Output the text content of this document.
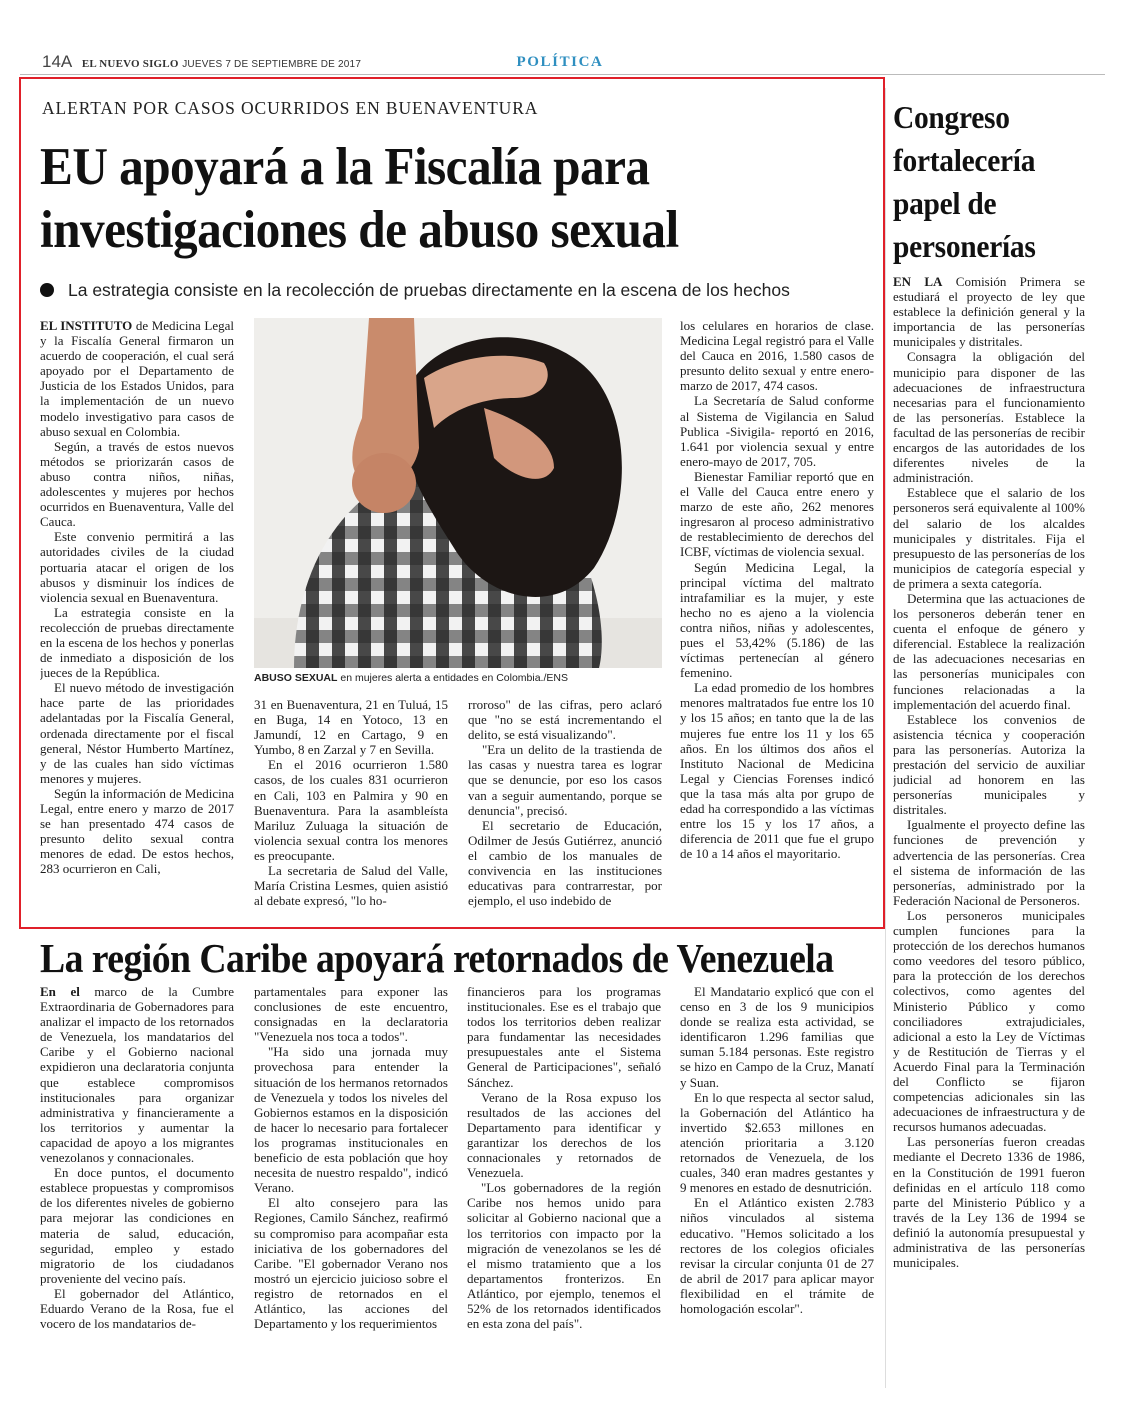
14A EL NUEVO SIGLO JUEVES 7 DE SEPTIEMBRE DE 2017	POLÍTICA
ALERTAN POR CASOS OCURRIDOS EN BUENAVENTURA
EU apoyará a la Fiscalía para investigaciones de abuso sexual
La estrategia consiste en la recolección de pruebas directamente en la escena de los hechos

EL INSTITUTO de Medicina Legal y la Fiscalía General firmaron un acuerdo de cooperación, el cual será apoyado por el Departamento de Justicia de los Estados Unidos, para la implementación de un nuevo modelo investigativo para casos de abuso sexual en Colombia.

Según, a través de estos nuevos métodos se priorizarán casos de abuso contra niños, niñas, adolescentes y mujeres por hechos ocurridos en Buenaventura, Valle del Cauca.

Este convenio permitirá a las autoridades civiles de la ciudad portuaria atacar el origen de los abusos y disminuir los índices de violencia sexual en Buenaventura.

La estrategia consiste en la recolección de pruebas directamente en la escena de los hechos y ponerlas de inmediato a disposición de los jueces de la República.

El nuevo método de investigación hace parte de las prioridades adelantadas por la Fiscalía General, ordenada directamente por el fiscal general, Néstor Humberto Martínez, y de las cuales han sido víctimas menores y mujeres.

Según la información de Medicina Legal, entre enero y marzo de 2017 se han presentado 474 casos de presunto delito sexual contra menores de edad. De estos hechos, 283 ocurrieron en Cali,

ABUSO SEXUAL en mujeres alerta a entidades en Colombia./ENS

31 en Buenaventura, 21 en Tuluá, 15 en Buga, 14 en Yotoco, 13 en Jamundí, 12 en Cartago, 9 en Yumbo, 8 en Zarzal y 7 en Sevilla.

En el 2016 ocurrieron 1.580 casos, de los cuales 831 ocurrieron en Cali, 103 en Palmira y 90 en Buenaventura. Para la asambleísta Mariluz Zuluaga la situación de violencia sexual contra los menores es preocupante.

La secretaria de Salud del Valle, María Cristina Lesmes, quien asistió al debate expresó, "lo ho-

rroroso" de las cifras, pero aclaró que "no se está incrementando el delito, se está visualizando".

"Era un delito de la trastienda de las casas y nuestra tarea es lograr que se denuncie, por eso los casos van a seguir aumentando, porque se denuncia", precisó.

El secretario de Educación, Odilmer de Jesús Gutiérrez, anunció el cambio de los manuales de convivencia en las instituciones educativas para contrarrestar, por ejemplo, el uso indebido de

los celulares en horarios de clase. Medicina Legal registró para el Valle del Cauca en 2016, 1.580 casos de presunto delito sexual y entre enero-marzo de 2017, 474 casos.

La Secretaría de Salud conforme al Sistema de Vigilancia en Salud Publica -Sivigila- reportó en 2016, 1.641 por violencia sexual y entre enero-mayo de 2017, 705.

Bienestar Familiar reportó que en el Valle del Cauca entre enero y marzo de este año, 262 menores ingresaron al proceso administrativo de restablecimiento de derechos del ICBF, víctimas de violencia sexual.

Según Medicina Legal, la principal víctima del maltrato intrafamiliar es la mujer, y este hecho no es ajeno a la violencia contra niños, niñas y adolescentes, pues el 53,42% (5.186) de las víctimas pertenecían al género femenino.

La edad promedio de los hombres menores maltratados fue entre los 10 y los 15 años; en tanto que la de las mujeres fue entre los 11 y los 65 años. En los últimos dos años el Instituto Nacional de Medicina Legal y Ciencias Forenses indicó que la tasa más alta por grupo de edad ha correspondido a las víctimas entre los 15 y los 17 años, a diferencia de 2011 que fue el grupo de 10 a 14 años el mayoritario.

La región Caribe apoyará retornados de Venezuela

En el marco de la Cumbre Extraordinaria de Gobernadores para analizar el impacto de los retornados de Venezuela, los mandatarios del Caribe y el Gobierno nacional expidieron una declaratoria conjunta que establece compromisos institucionales para organizar administrativa y financieramente a los territorios y aumentar la capacidad de apoyo a los migrantes venezolanos y connacionales.

En doce puntos, el documento establece propuestas y compromisos de los diferentes niveles de gobierno para mejorar las condiciones en materia de salud, educación, seguridad, empleo y estado migratorio de los ciudadanos proveniente del vecino país.

El gobernador del Atlántico, Eduardo Verano de la Rosa, fue el vocero de los mandatarios de-

partamentales para exponer las conclusiones de este encuentro, consignadas en la declaratoria "Venezuela nos toca a todos".

"Ha sido una jornada muy provechosa para entender la situación de los hermanos retornados de Venezuela y todos los niveles del Gobiernos estamos en la disposición de hacer lo necesario para fortalecer los programas institucionales en beneficio de esta población que hoy necesita de nuestro respaldo", indicó Verano.

El alto consejero para las Regiones, Camilo Sánchez, reafirmó su compromiso para acompañar esta iniciativa de los gobernadores del Caribe. "El gobernador Verano nos mostró un ejercicio juicioso sobre el registro de retornados en el Atlántico, las acciones del Departamento y los requerimientos

financieros para los programas institucionales. Ese es el trabajo que todos los territorios deben realizar para fundamentar las necesidades presupuestales ante el Sistema General de Participaciones", señaló Sánchez.

Verano de la Rosa expuso los resultados de las acciones del Departamento para identificar y garantizar los derechos de los connacionales y retornados de Venezuela.

"Los gobernadores de la región Caribe nos hemos unido para solicitar al Gobierno nacional que a los territorios con impacto por la migración de venezolanos se les dé el mismo tratamiento que a los departamentos fronterizos. En Atlántico, por ejemplo, tenemos el 52% de los retornados identificados en esta zona del país".

El Mandatario explicó que con el censo en 3 de los 9 municipios donde se realiza esta actividad, se identificaron 1.296 familias que suman 5.184 personas. Este registro se hizo en Campo de la Cruz, Manatí y Suan.

En lo que respecta al sector salud, la Gobernación del Atlántico ha invertido $2.653 millones en atención prioritaria a 3.120 retornados de Venezuela, de los cuales, 340 eran madres gestantes y 9 menores en estado de desnutrición.

En el Atlántico existen 2.783 niños vinculados al sistema educativo. "Hemos solicitado a los rectores de los colegios oficiales revisar la circular conjunta 01 de 27 de abril de 2017 para aplicar mayor flexibilidad en el trámite de homologación escolar".

Congreso fortalecería papel de personerías

EN LA Comisión Primera se estudiará el proyecto de ley que establece la definición general y la importancia de las personerías municipales y distritales.

Consagra la obligación del municipio para disponer de las adecuaciones de infraestructura necesarias para el funcionamiento de las personerías. Establece la facultad de las personerías de recibir encargos de las autoridades de los diferentes niveles de la administración.

Establece que el salario de los personeros será equivalente al 100% del salario de los alcaldes municipales y distritales. Fija el presupuesto de las personerías de los municipios de categoría especial y de primera a sexta categoría.

Determina que las actuaciones de los personeros deberán tener en cuenta el enfoque de género y diferencial. Establece la realización de las adecuaciones necesarias en las personerías municipales con funciones relacionadas a la implementación del acuerdo final.

Establece los convenios de asistencia técnica y cooperación para las personerías. Autoriza la prestación del servicio de auxiliar judicial ad honorem en las personerías municipales y distritales.

Igualmente el proyecto define las funciones de prevención y advertencia de las personerías. Crea el sistema de información de las personerías, administrado por la Federación Nacional de Personeros.

Los personeros municipales cumplen funciones para la protección de los derechos humanos como veedores del tesoro público, para la protección de los derechos colectivos, como agentes del Ministerio Público y como conciliadores extrajudiciales, adicional a esto la Ley de Víctimas y de Restitución de Tierras y el Acuerdo Final para la Terminación del Conflicto se fijaron competencias adicionales sin las adecuaciones de infraestructura y de recursos humanos adecuadas.

Las personerías fueron creadas mediante el Decreto 1336 de 1986, en la Constitución de 1991 fueron definidas en el artículo 118 como parte del Ministerio Público y a través de la Ley 136 de 1994 se definió la autonomía presupuestal y administrativa de las personerías municipales.
